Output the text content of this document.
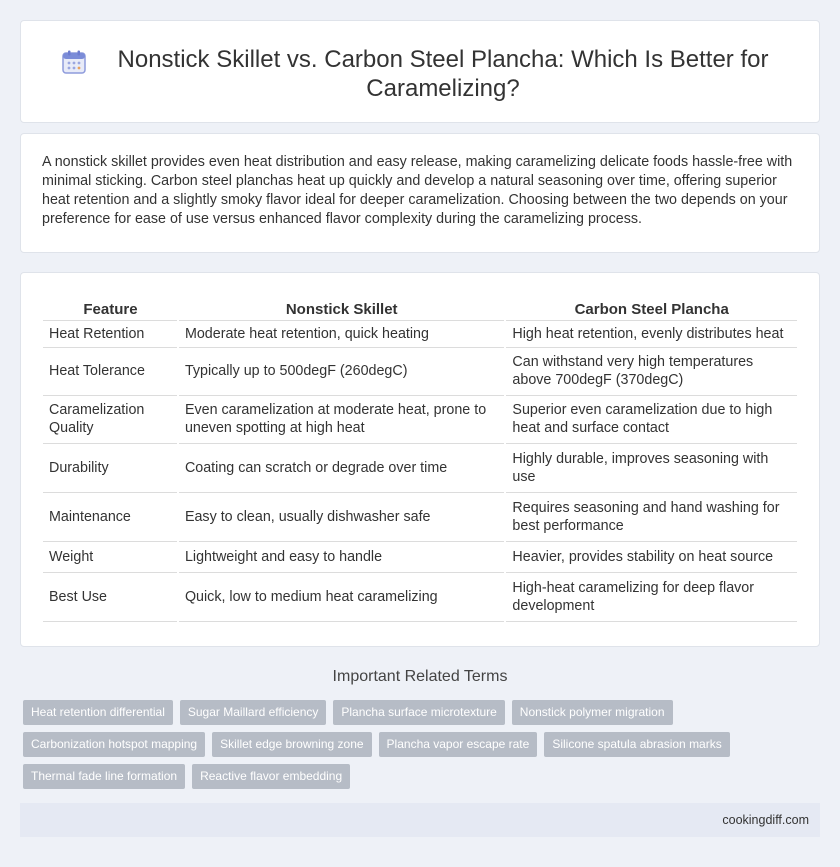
Nonstick Skillet vs. Carbon Steel Plancha: Which Is Better for Caramelizing?

A nonstick skillet provides even heat distribution and easy release, making caramelizing delicate foods hassle-free with minimal sticking. Carbon steel planchas heat up quickly and develop a natural seasoning over time, offering superior heat retention and a slightly smoky flavor ideal for deeper caramelization. Choosing between the two depends on your preference for ease of use versus enhanced flavor complexity during the caramelizing process.

Feature	Nonstick Skillet	Carbon Steel Plancha
Heat Retention	Moderate heat retention, quick heating	High heat retention, evenly distributes heat
Heat Tolerance	Typically up to 500degF (260degC)	Can withstand very high temperatures above 700degF (370degC)
Caramelization Quality	Even caramelization at moderate heat, prone to uneven spotting at high heat	Superior even caramelization due to high heat and surface contact
Durability	Coating can scratch or degrade over time	Highly durable, improves seasoning with use
Maintenance	Easy to clean, usually dishwasher safe	Requires seasoning and hand washing for best performance
Weight	Lightweight and easy to handle	Heavier, provides stability on heat source
Best Use	Quick, low to medium heat caramelizing	High-heat caramelizing for deep flavor development
Important Related Terms
Heat retention differential	Sugar Maillard efficiency	Plancha surface microtexture	Nonstick polymer migration
Carbonization hotspot mapping	Skillet edge browning zone	Plancha vapor escape rate	Silicone spatula abrasion marks
Thermal fade line formation	Reactive flavor embedding
cookingdiff.com
